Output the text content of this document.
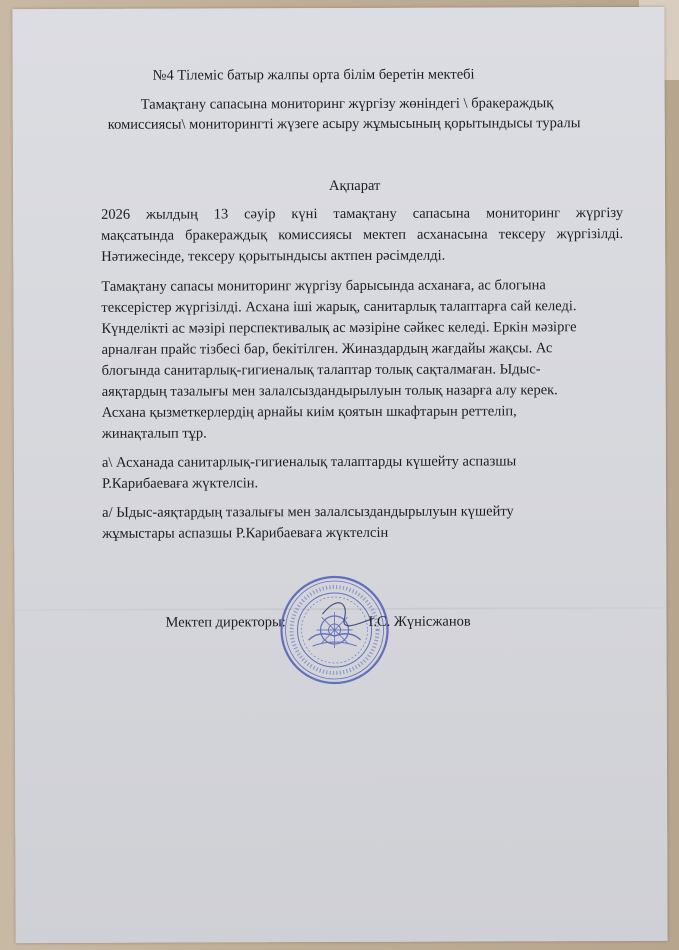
№4 Тілеміс батыр жалпы орта білім беретін мектебі
Тамақтану сапасына мониторинг жүргізу жөніндегі \ бракераждық
комиссиясы\ мониторингті жүзеге асыру жұмысының қорытындысы туралы
Ақпарат
2026 жылдың 13 сәуір күні тамақтану сапасына мониторинг жүргізу
мақсатында бракераждық комиссиясы мектеп асханасына тексеру жүргізілді.
Нәтижесінде, тексеру қорытындысы актпен рәсімделді.
Тамақтану сапасы мониторинг жүргізу барысында асханаға, ас блогына
тексерістер жүргізілді. Асхана іші жарық, санитарлық талаптарға сай келеді.
Күнделікті ас мәзірі перспективалық ас мәзіріне сәйкес келеді. Еркін мәзірге
арналған прайс тізбесі бар, бекітілген. Жиназдардың жағдайы жақсы. Ас
блогында санитарлық-гигиеналық талаптар толық сақталмаған. Ыдыс-
аяқтардың тазалығы мен залалсыздандырылуын толық назарға алу керек.
Асхана қызметкерлердің арнайы киім қоятын шкафтарын реттеліп,
жинақталып тұр.
а\ Асханада санитарлық-гигиеналық талаптарды күшейту аспазшы
Р.Карибаеваға жүктелсін.
а/ Ыдыс-аяқтардың тазалығы мен залалсыздандырылуын күшейту
жұмыстары аспазшы Р.Карибаеваға жүктелсін
Мектеп директоры:	І.С. Жүнісжанов
